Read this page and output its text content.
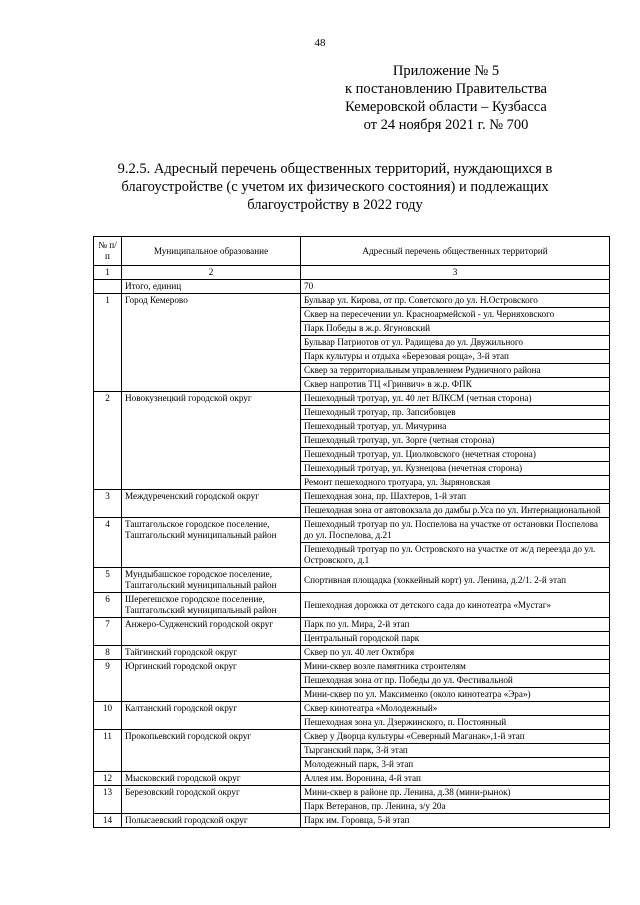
48
Приложение № 5
к постановлению Правительства
Кемеровской области – Кузбасса
от 24 ноября 2021 г. № 700
9.2.5. Адресный перечень общественных территорий, нуждающихся в благоустройстве (с учетом их физического состояния) и подлежащих благоустройству в 2022 году
№ п/п	Муниципальное образование	Адресный перечень общественных территорий
1	2	3
	Итого, единиц	70
1	Город Кемерово	Бульвар ул. Кирова, от пр. Советского до ул. Н.Островского
		Сквер на пересечении ул. Красноармейской - ул. Черняховского
		Парк Победы в ж.р. Ягуновский
		Бульвар Патриотов от ул. Радищева до ул. Двужильного
		Парк культуры и отдыха «Березовая роща», 3-й этап
		Сквер за территориальным управлением Рудничного района
		Сквер напротив ТЦ «Гринвич» в ж.р. ФПК
2	Новокузнецкий городской округ	Пешеходный тротуар, ул. 40 лет ВЛКСМ (четная сторона)
		Пешеходный тротуар, пр. Запсибовцев
		Пешеходный тротуар, ул. Мичурина
		Пешеходный тротуар, ул. Зорге (четная сторона)
		Пешеходный тротуар, ул. Циолковского (нечетная сторона)
		Пешеходный тротуар, ул. Кузнецова (нечетная сторона)
		Ремонт пешеходного тротуара, ул. Зыряновская
3	Междуреченский городской округ	Пешеходная зона, пр. Шахтеров, 1-й этап
		Пешеходная зона от автовокзала до дамбы р.Уса по ул. Интернациональной
4	Таштагольское городское поселение, Таштагольский муниципальный район	Пешеходный тротуар по ул. Поспелова на участке от остановки Поспелова до ул. Поспелова, д.21
		Пешеходный тротуар по ул. Островского на участке от ж/д переезда до ул. Островского, д.1
5	Мундыбашское городское поселение, Таштагольский муниципальный район	Спортивная площадка (хоккейный корт) ул. Ленина, д.2/1. 2-й этап
6	Шерегешское городское поселение, Таштагольский муниципальный район	Пешеходная дорожка от детского сада до кинотеатра «Мустаг»
7	Анжеро-Судженский городской округ	Парк по ул. Мира, 2-й этап
		Центральный городской парк
8	Тайгинский городской округ	Сквер по ул. 40 лет Октября
9	Юргинский городской округ	Мини-сквер возле памятника строителям
		Пешеходная зона от пр. Победы до ул. Фестивальной
		Мини-сквер по ул. Максименко (около кинотеатра «Эра»)
10	Калтанский городской округ	Сквер кинотеатра «Молодежный»
		Пешеходная зона ул. Дзержинского, п. Постоянный
11	Прокопьевский городской округ	Сквер у Дворца культуры «Северный Маганак»,1-й этап
		Тырганский парк, 3-й этап
		Молодежный парк, 3-й этап
12	Мысковский городской округ	Аллея им. Воронина, 4-й этап
13	Березовский городской округ	Мини-сквер в районе пр. Ленина, д.38 (мини-рынок)
		Парк Ветеранов, пр. Ленина, з/у 20а
14	Полысаевский городской округ	Парк им. Горовца, 5-й этап
